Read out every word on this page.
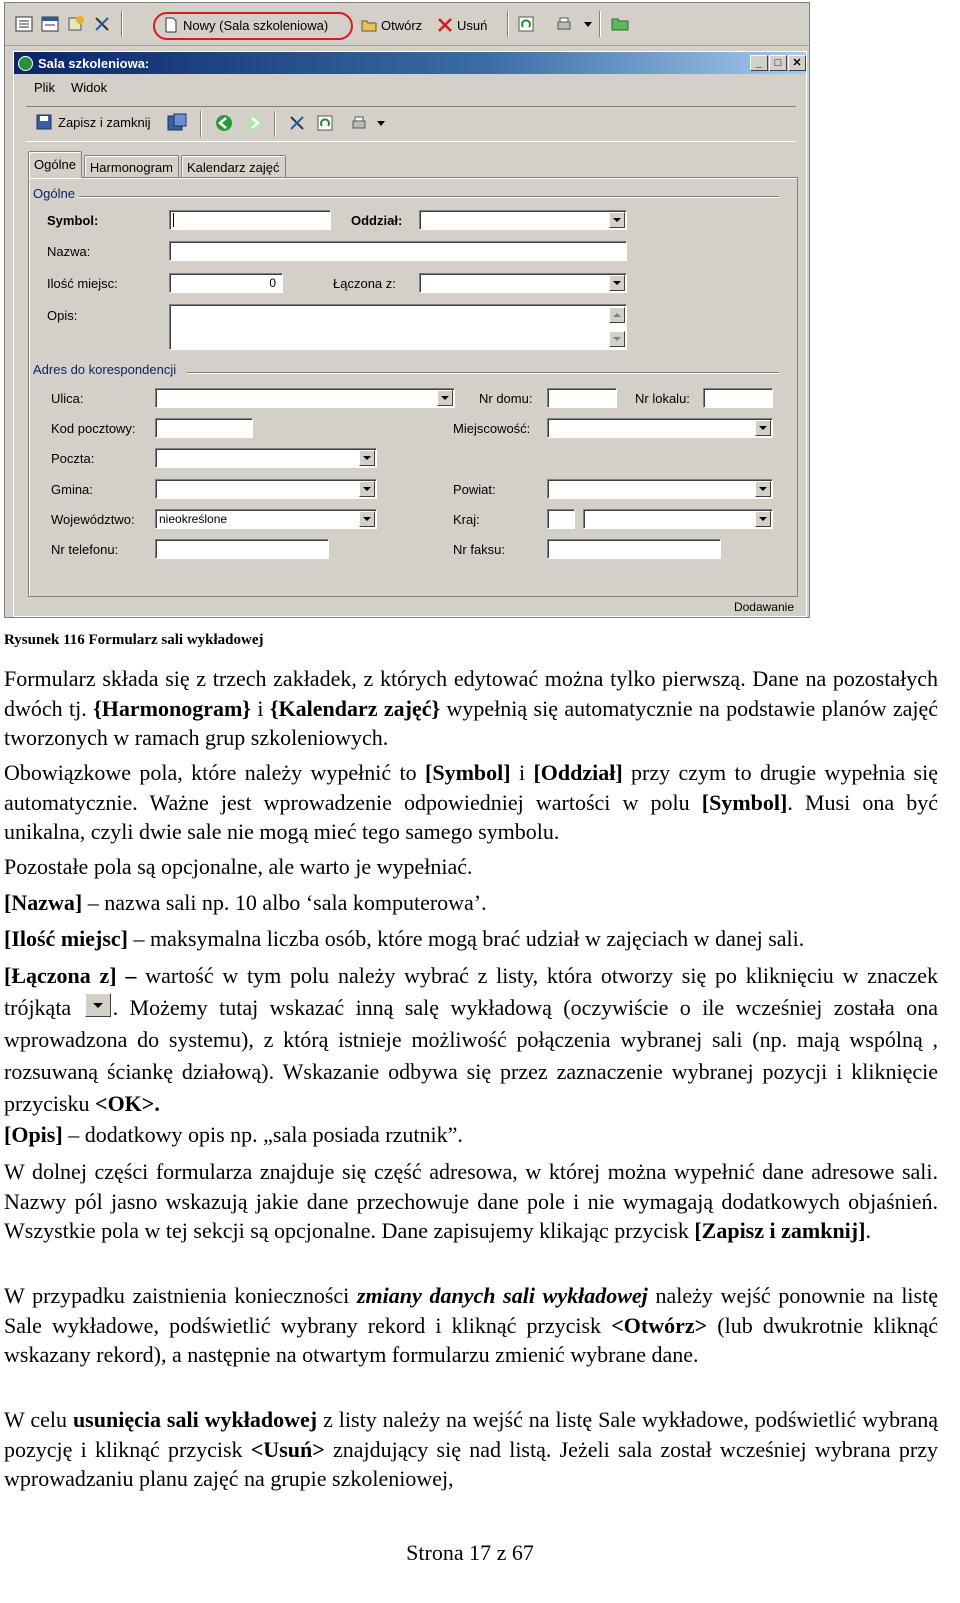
Nowy (Sala szkoleniowa)	Otwórz	Usuń
Sala szkoleniowa:	_ □ ✕
Plik Widok
Zapisz i zamknij
Ogólne Harmonogram Kalendarz zajęć
Ogólne
Symbol:	Oddział:
Nazwa:
Ilość miejsc:	0	Łączona z:
Opis:
Adres do korespondencji
Ulica:	Nr domu:	Nr lokalu:
Kod pocztowy:	Miejscowość:
Poczta:
Gmina:	Powiat:
Województwo: nieokreślone	Kraj:
Nr telefonu:	Nr faksu:
Dodawanie
Rysunek 116 Formularz sali wykładowej

Formularz składa się z trzech zakładek, z których edytować można tylko pierwszą. Dane na pozostałych dwóch tj. {Harmonogram} i {Kalendarz zajęć} wypełnią się automatycznie na podstawie planów zajęć tworzonych w ramach grup szkoleniowych.

Obowiązkowe pola, które należy wypełnić to [Symbol] i [Oddział] przy czym to drugie wypełnia się automatycznie. Ważne jest wprowadzenie odpowiedniej wartości w polu [Symbol]. Musi ona być unikalna, czyli dwie sale nie mogą mieć tego samego symbolu.

Pozostałe pola są opcjonalne, ale warto je wypełniać.

[Nazwa] – nazwa sali np. 10 albo ‘sala komputerowa’.

[Ilość miejsc] – maksymalna liczba osób, które mogą brać udział w zajęciach w danej sali.

[Łączona z] – wartość w tym polu należy wybrać z listy, która otworzy się po kliknięciu w znaczek trójkąta . Możemy tutaj wskazać inną salę wykładową (oczywiście o ile wcześniej została ona wprowadzona do systemu), z którą istnieje możliwość połączenia wybranej sali (np. mają wspólną , rozsuwaną ściankę działową). Wskazanie odbywa się przez zaznaczenie wybranej pozycji i kliknięcie przycisku <OK>.

[Opis] – dodatkowy opis np. „sala posiada rzutnik”.

W dolnej części formularza znajduje się część adresowa, w której można wypełnić dane adresowe sali. Nazwy pól jasno wskazują jakie dane przechowuje dane pole i nie wymagają dodatkowych objaśnień. Wszystkie pola w tej sekcji są opcjonalne. Dane zapisujemy klikając przycisk [Zapisz i zamknij].

W przypadku zaistnienia konieczności zmiany danych sali wykładowej należy wejść ponownie na listę Sale wykładowe, podświetlić wybrany rekord i kliknąć przycisk <Otwórz> (lub dwukrotnie kliknąć wskazany rekord), a następnie na otwartym formularzu zmienić wybrane dane.

W celu usunięcia sali wykładowej z listy należy na wejść na listę Sale wykładowe, podświetlić wybraną pozycję i kliknąć przycisk <Usuń> znajdujący się nad listą. Jeżeli sala został wcześniej wybrana przy wprowadzaniu planu zajęć na grupie szkoleniowej,

Strona 17 z 67
